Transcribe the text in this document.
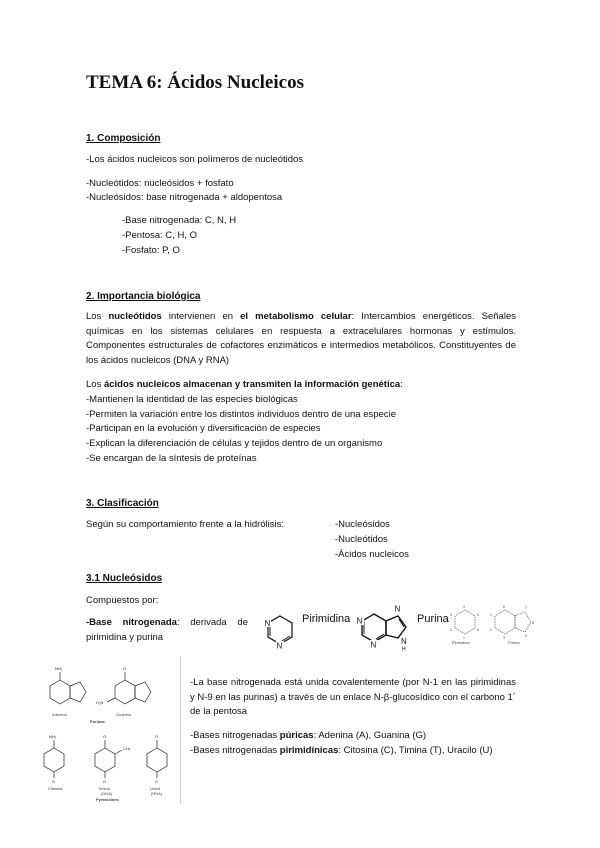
TEMA 6: Ácidos Nucleicos
1. Composición
-Los ácidos nucleicos son polímeros de nucleótidos
-Nucleótidos: nucleósidos + fosfato
-Nucleósidos: base nitrogenada + aldopentosa
-Base nitrogenada: C, N, H
-Pentosa: C, H, O
-Fosfato: P, O
2. Importancia biológica
Los nucleótidos intervienen en el metabolismo celular: Intercambios energéticos. Señales químicas en los sistemas celulares en respuesta a extracelulares hormonas y estímulos. Componentes estructurales de cofactores enzimáticos e intermedios metabólicos. Constituyentes de los ácidos nucleicos (DNA y RNA)
Los ácidos nucleicos almacenan y transmiten la información genética:
-Mantienen la identidad de las especies biológicas
-Permiten la variación entre los distintos individuos dentro de una especie
-Participan en la evolución y diversificación de especies
-Explican la diferenciación de células y tejidos dentro de un organismo
-Se encargan de la síntesis de proteínas
3. Clasificación
Según su comportamiento frente a la hidrólisis:	-Nucleósidos
-Nucleótidos
-Ácidos nucleicos
3.1 Nucleósidos
Compuestos por:
-Base nitrogenada: derivada de pirimidina y purina
N
N
Pirimidina
N
N
H
N
N
Purina
4
5
6
1
2
3
Pirimidina
6
1
2
3
7
8
9
Purina
NH₂	O
H₂N
NH₂	O
CH₃
O
O	O	O
Adenina	Guanina
Purinas
Citosina	Timina
(DNA)
Uracil
(RNA)
Pyrimidines
-La base nitrogenada está unida covalentemente (por N-1 en las pirimidinas y N-9 en las purinas) a través de un enlace N-β-glucosídico con el carbono 1´ de la pentosa
-Bases nitrogenadas púricas: Adenina (A), Guanina (G)
-Bases nitrogenadas pirimidínicas: Citosina (C), Timina (T), Uracilo (U)
